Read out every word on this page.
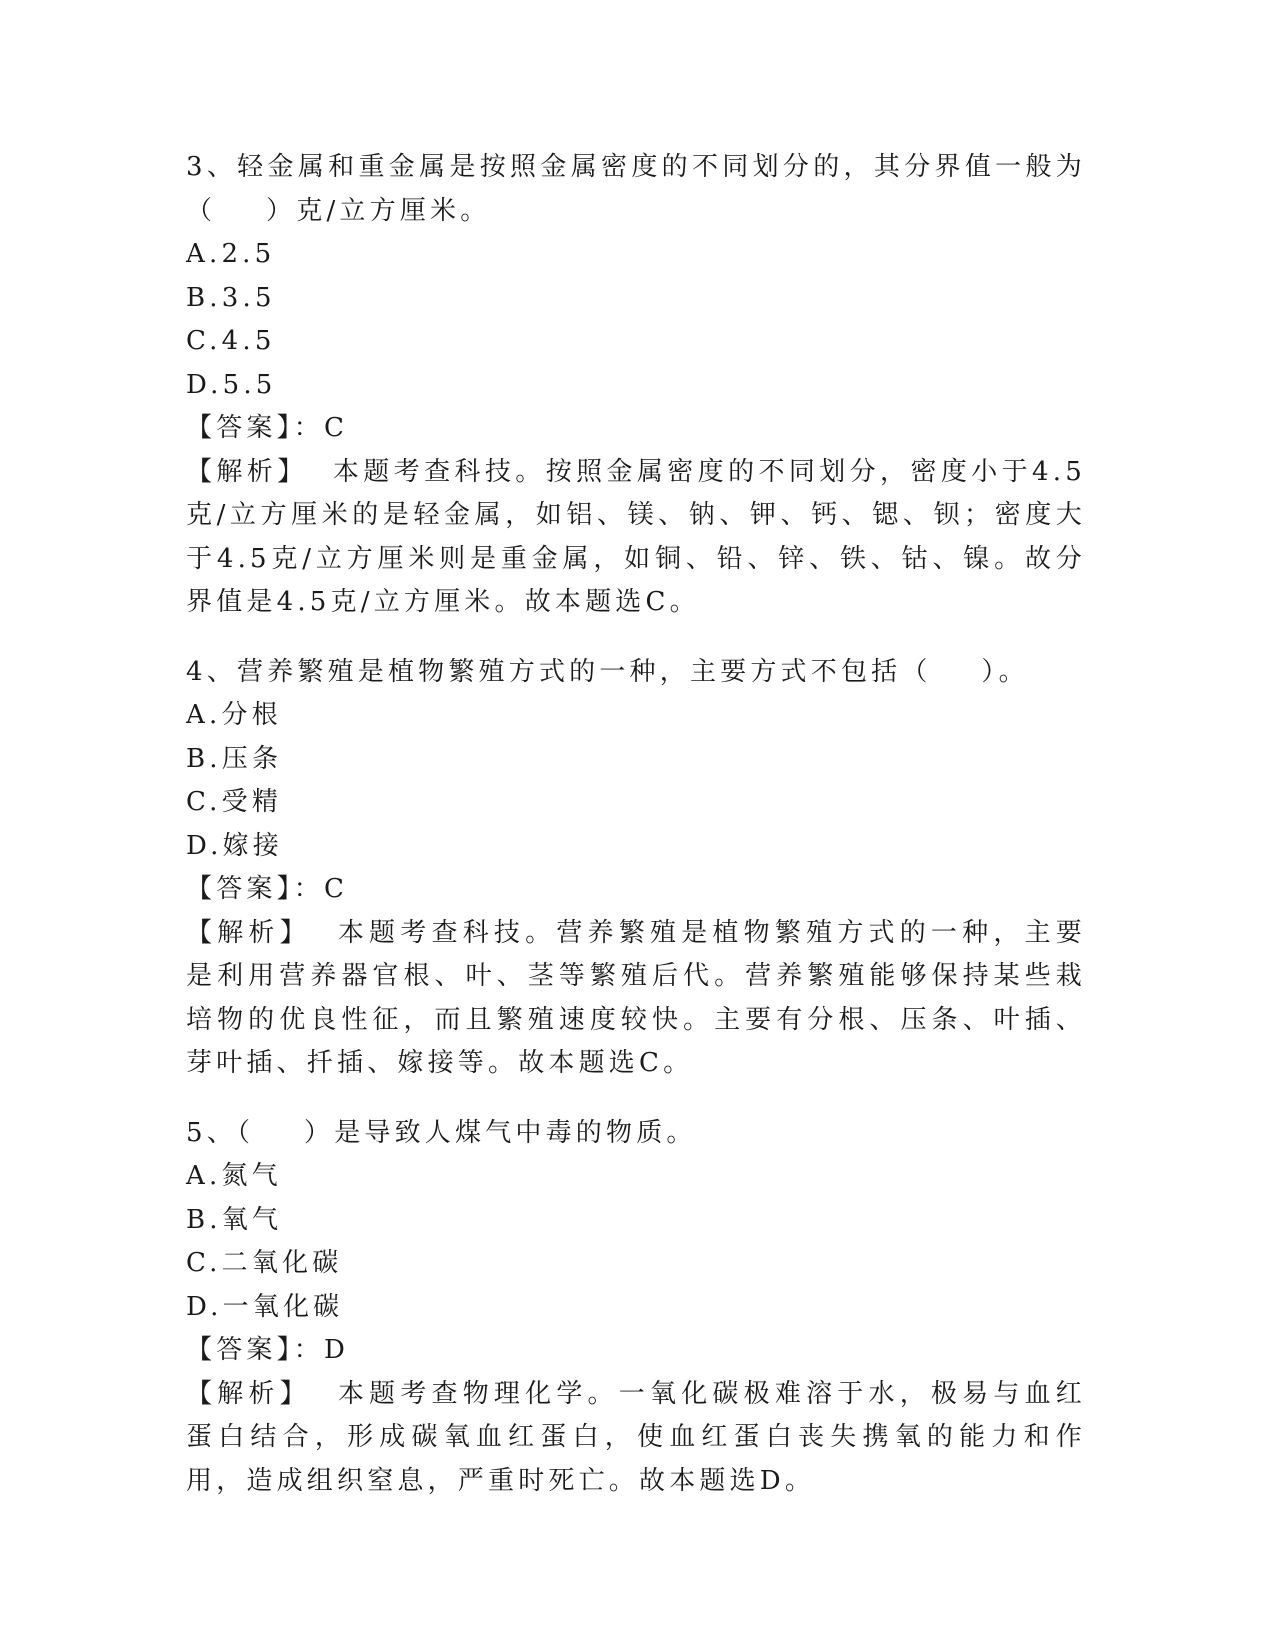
3、轻金属和重金属是按照金属密度的不同划分的，其分界值一般为（    ）克/立方厘米。

A.2.5

B.3.5

C.4.5

D.5.5

【答案】：C

【解析】  本题考查科技。按照金属密度的不同划分，密度小于4.5克/立方厘米的是轻金属，如铝、镁、钠、钾、钙、锶、钡；密度大于4.5克/立方厘米则是重金属，如铜、铅、锌、铁、钴、镍。故分界值是4.5克/立方厘米。故本题选C。

4、营养繁殖是植物繁殖方式的一种，主要方式不包括（    ）。

A.分根

B.压条

C.受精

D.嫁接

【答案】：C

【解析】  本题考查科技。营养繁殖是植物繁殖方式的一种，主要是利用营养器官根、叶、茎等繁殖后代。营养繁殖能够保持某些栽培物的优良性征，而且繁殖速度较快。主要有分根、压条、叶插、芽叶插、扦插、嫁接等。故本题选C。

5、（    ）是导致人煤气中毒的物质。

A.氮气

B.氧气

C.二氧化碳

D.一氧化碳

【答案】：D

【解析】  本题考查物理化学。一氧化碳极难溶于水，极易与血红蛋白结合，形成碳氧血红蛋白，使血红蛋白丧失携氧的能力和作用，造成组织窒息，严重时死亡。故本题选D。
